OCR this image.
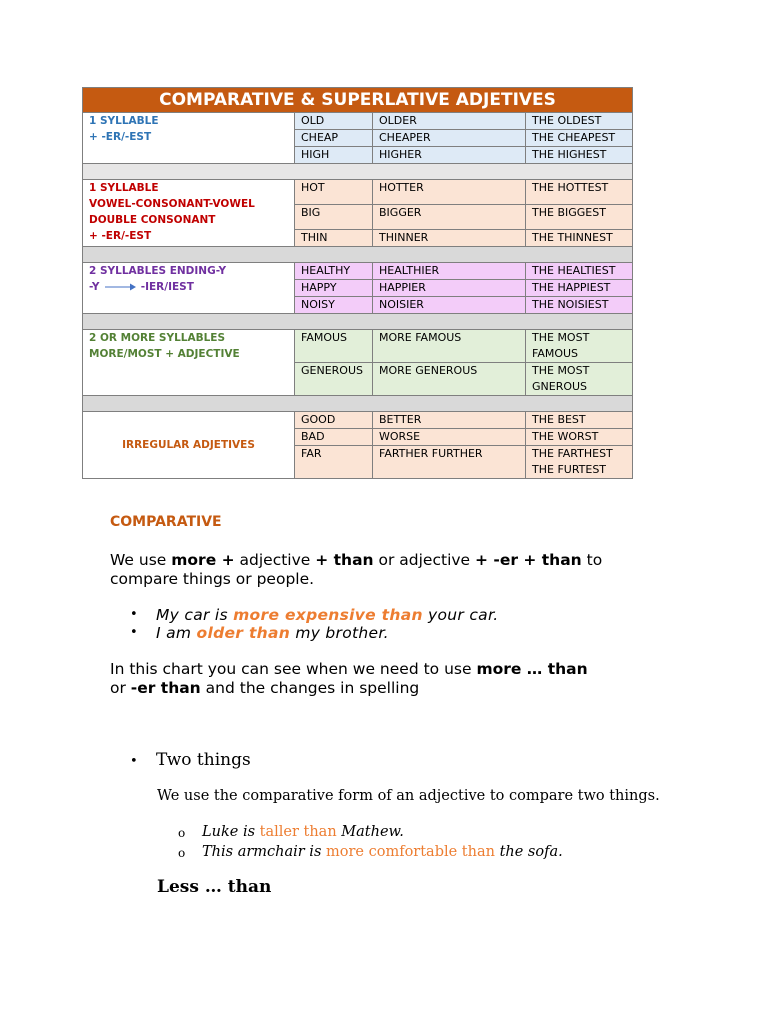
COMPARATIVE & SUPERLATIVE ADJETIVES			

1 SYLLABLE
+ -ER/-EST	OLD	OLDER	THE OLDEST
	CHEAP	CHEAPER	THE CHEAPEST
	HIGH	HIGHER	THE HIGHEST

1 SYLLABLE
VOWEL-CONSONANT-VOWEL
DOUBLE CONSONANT
+ -ER/-EST	HOT	HOTTER	THE HOTTEST
	BIG	BIGGER	THE BIGGEST
	THIN	THINNER	THE THINNEST

2 SYLLABLES ENDING-Y
-Y -IER/IEST	HEALTHY	HEALTHIER	THE HEALTIEST
	HAPPY	HAPPIER	THE HAPPIEST
	NOISY	NOISIER	THE NOISIEST

2 OR MORE SYLLABLES
MORE/MOST + ADJECTIVE	FAMOUS	MORE FAMOUS	THE MOST FAMOUS
	GENEROUS	MORE GENEROUS	THE MOST GNEROUS

IRREGULAR ADJETIVES	GOOD	BETTER	THE BEST
	BAD	WORSE	THE WORST
	FAR	FARTHER FURTHER	THE FARTHEST THE FURTEST
COMPARATIVE
We use more + adjective + than or adjective + -er + than to compare things or people.
• My car is more expensive than your car.
• I am older than my brother.
In this chart you can see when we need to use more … than or -er than and the changes in spelling
• Two things
We use the comparative form of an adjective to compare two things.
o Luke is taller than Mathew.
o This armchair is more comfortable than the sofa.
Less … than
